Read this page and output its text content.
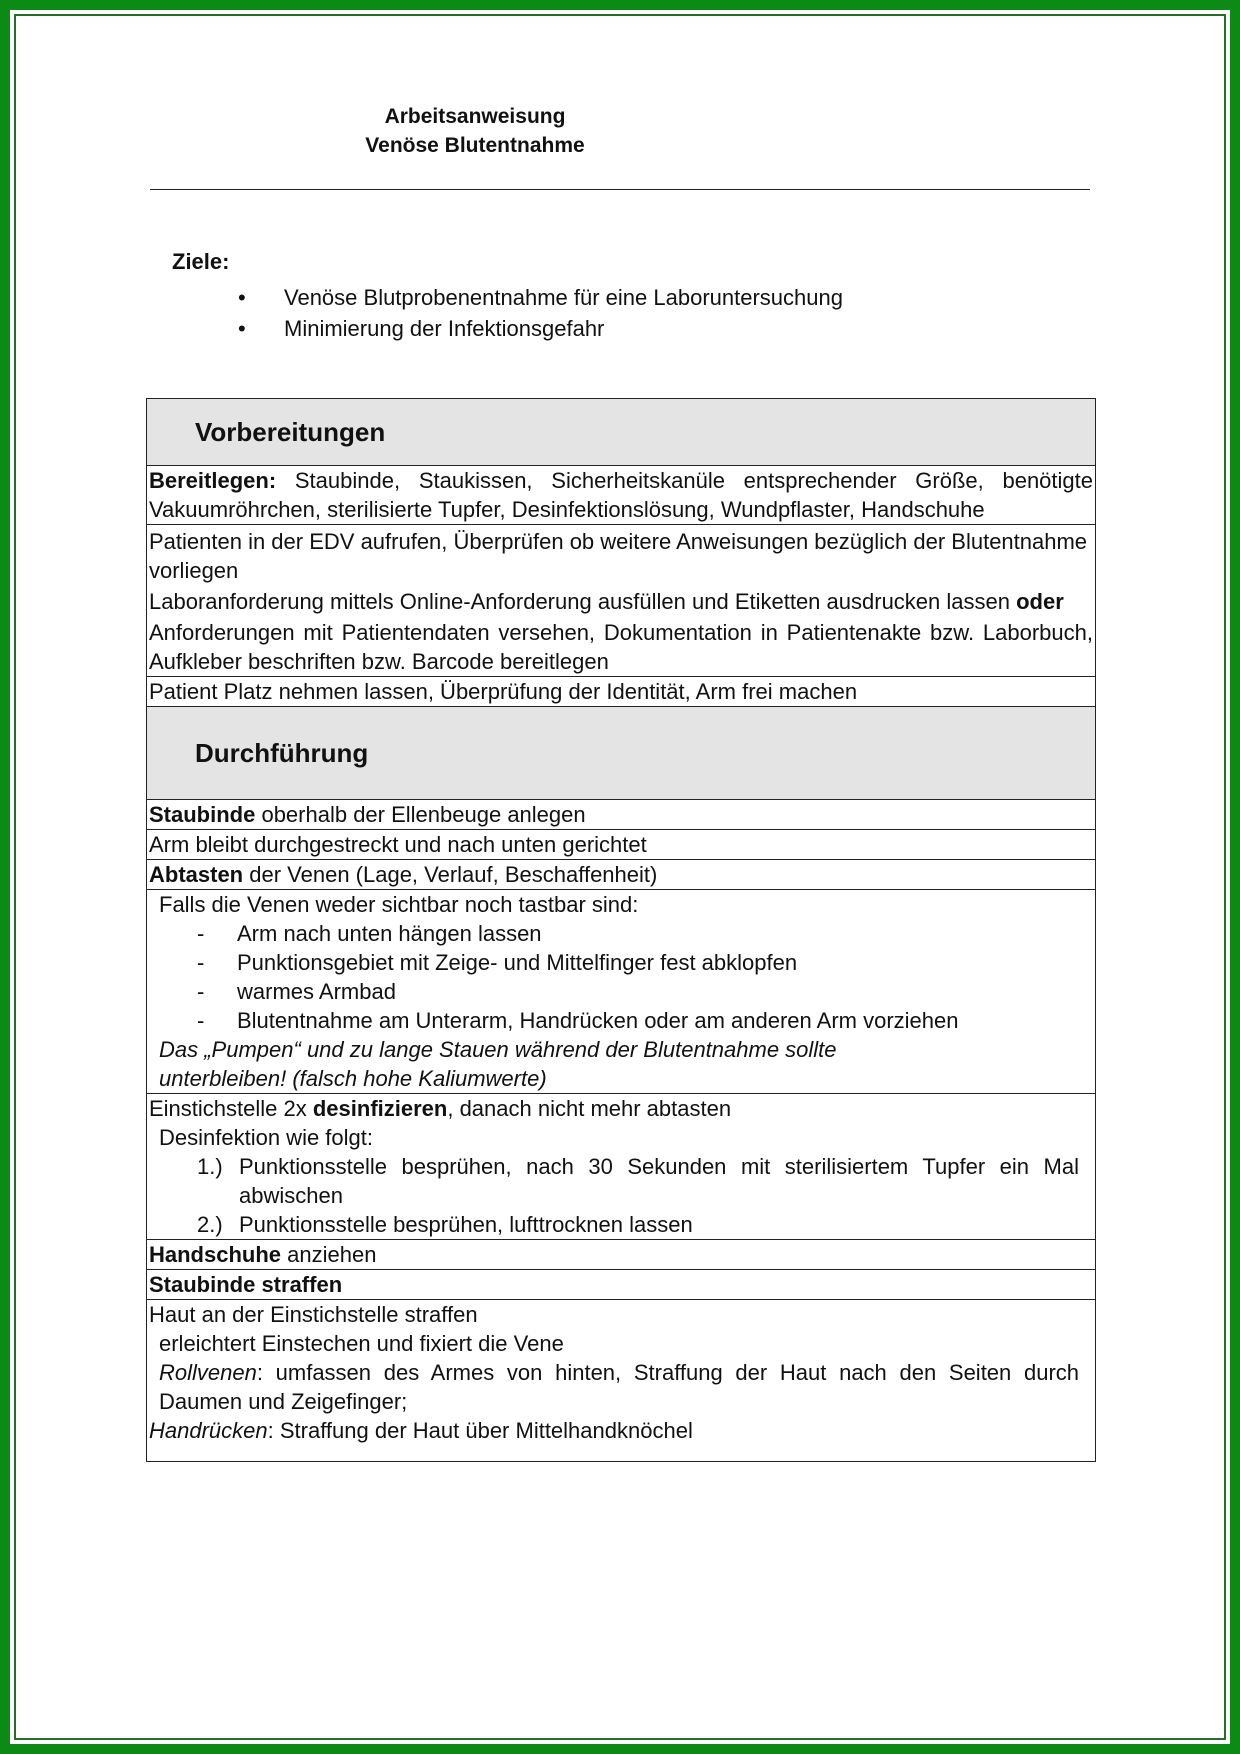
Arbeitsanweisung
Venöse Blutentnahme
Ziele:
• Venöse Blutprobenentnahme für eine Laboruntersuchung
• Minimierung der Infektionsgefahr
Vorbereitungen
Bereitlegen: Staubinde, Staukissen, Sicherheitskanüle entsprechender Größe, benötigte Vakuumröhrchen, sterilisierte Tupfer, Desinfektionslösung, Wundpflaster, Handschuhe

Patienten in der EDV aufrufen, Überprüfen ob weitere Anweisungen bezüglich der Blutentnahme vorliegen

Laboranforderung mittels Online-Anforderung ausfüllen und Etiketten ausdrucken lassen oder

Anforderungen mit Patientendaten versehen, Dokumentation in Patientenakte bzw. Laborbuch, Aufkleber beschriften bzw. Barcode bereitlegen

Patient Platz nehmen lassen, Überprüfung der Identität, Arm frei machen
Durchführung
Staubinde oberhalb der Ellenbeuge anlegen
Arm bleibt durchgestreckt und nach unten gerichtet
Abtasten der Venen (Lage, Verlauf, Beschaffenheit)

Falls die Venen weder sichtbar noch tastbar sind:
-	Arm nach unten hängen lassen
-	Punktionsgebiet mit Zeige- und Mittelfinger fest abklopfen
-	warmes Armbad
-	Blutentnahme am Unterarm, Handrücken oder am anderen Arm vorziehen
Das „Pumpen“ und zu lange Stauen während der Blutentnahme sollte unterbleiben! (falsch hohe Kaliumwerte)

Einstichstelle 2x desinfizieren, danach nicht mehr abtasten
Desinfektion wie folgt:
1.) Punktionsstelle besprühen, nach 30 Sekunden mit sterilisiertem Tupfer ein Mal abwischen
2.) Punktionsstelle besprühen, lufttrocknen lassen

Handschuhe anziehen
Staubinde straffen

Haut an der Einstichstelle straffen
erleichtert Einstechen und fixiert die Vene
Rollvenen: umfassen des Armes von hinten, Straffung der Haut nach den Seiten durch Daumen und Zeigefinger;
Handrücken: Straffung der Haut über Mittelhandknöchel
